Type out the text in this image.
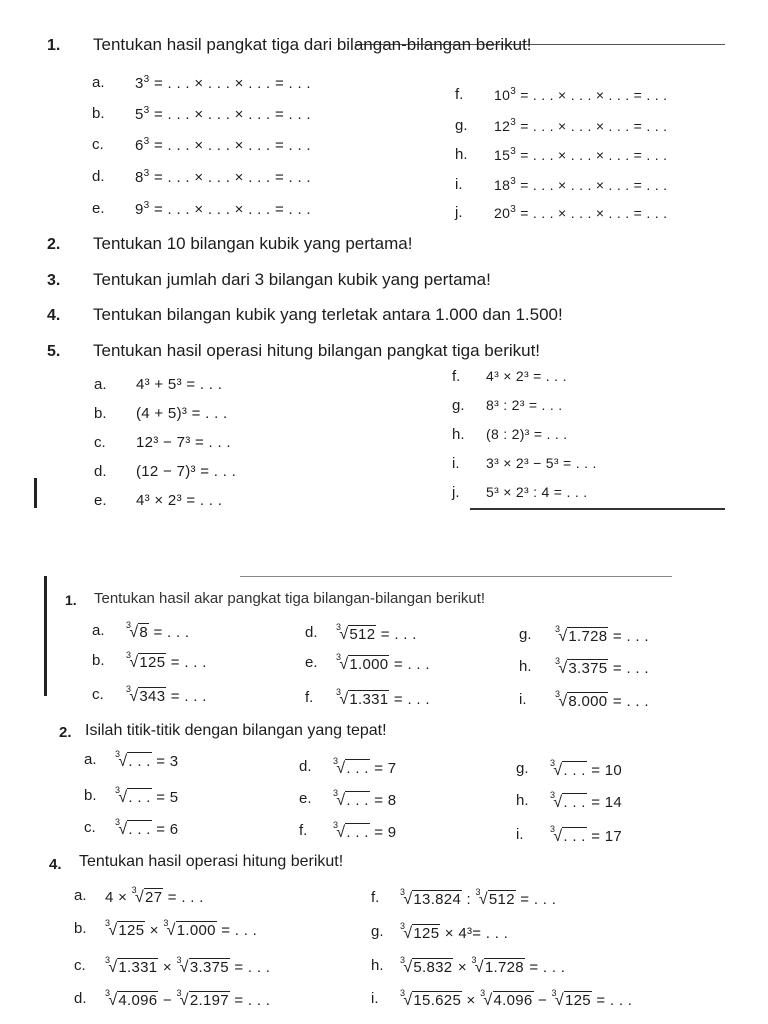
1. Tentukan hasil pangkat tiga dari bilangan-bilangan berikut!
a. $3^3$ = . . . × . . . × . . . = . . .
b. $5^3$ = . . . × . . . × . . . = . . .
c. $6^3$ = . . . × . . . × . . . = . . .
d. $8^3$ = . . . × . . . × . . . = . . .
e. $9^3$ = . . . × . . . × . . . = . . .
f. $10^3$ = . . . × . . . × . . . = . . .
g. $12^3$ = . . . × . . . × . . . = . . .
h. $15^3$ = . . . × . . . × . . . = . . .
i. $18^3$ = . . . × . . . × . . . = . . .
j. $20^3$ = . . . × . . . × . . . = . . .
2. Tentukan 10 bilangan kubik yang pertama!
3. Tentukan jumlah dari 3 bilangan kubik yang pertama!
4. Tentukan bilangan kubik yang terletak antara 1.000 dan 1.500!
5. Tentukan hasil operasi hitung bilangan pangkat tiga berikut!
a. 4³ + 5³ = . . .
b. (4 + 5)³ = . . .
c. 12³ − 7³ = . . .
d. (12 − 7)³ = . . .
e. 4³ × 2³ = . . .
f. 4³ × 2³ = . . .
g. 8³ : 2³ = . . .
h. (8 : 2)³ = . . .
i. 3³ × 2³ − 5³ = . . .
j. 5³ × 2³ : 4 = . . .
1. Tentukan hasil akar pangkat tiga bilangan-bilangan berikut!
a. $^3$√8 = . . .
b. $^3$√125 = . . .
c. $^3$√343 = . . .
d. $^3$√512 = . . .
e. $^3$√1.000 = . . .
f.	$^3$√1.331 = . . .
g.	$^3$√1.728 = . . .
h.	$^3$√3.375 = . . .
i.	$^3$√8.000 = . . .
2. Isilah titik-titik dengan bilangan yang tepat!
a. $^3$√. . . = 3
b. $^3$√. . . = 5
c. $^3$√. . . = 6
d. $^3$√. . . = 7
e. $^3$√. . . = 8
f.	$^3$√. . . = 9
g. $^3$√. . . = 10
h. $^3$√. . . = 14
i.	$^3$√. . . = 17
4. Tentukan hasil operasi hitung berikut!
a. 4 × $^3$√27 = . . .
b. $^3$√125 × $^3$√1.000 = . . .
c. $^3$√1.331 × $^3$√3.375 = . . .
d. $^3$√4.096 − $^3$√2.197 = . . .
f. $^3$√13.824 : $^3$√512 = . . .
g. $^3$√125 × 4³= . . .
h. $^3$√5.832 × $^3$√1.728 = . . .
i. $^3$√15.625 × $^3$√4.096 − $^3$√125 = . . .
